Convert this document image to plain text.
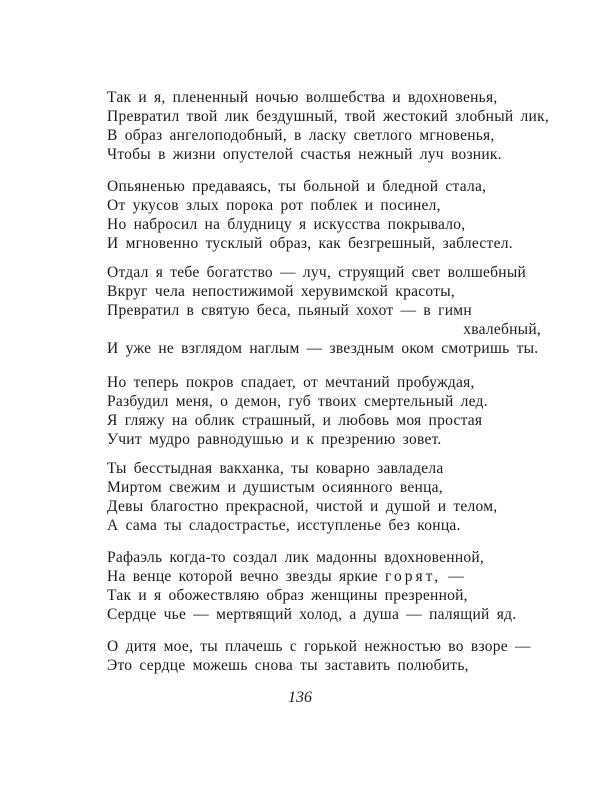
Так и я, плененный ночью волшебства и вдохновенья,
Превратил твой лик бездушный, твой жестокий злобный лик,
В образ ангелоподобный, в ласку светлого мгновенья,
Чтобы в жизни опустелой счастья нежный луч возник.
Опьяненью предаваясь, ты больной и бледной стала,
От укусов злых порока рот поблек и посинел,
Но набросил на блудницу я искусства покрывало,
И мгновенно тусклый образ, как безгрешный, заблестел.
Отдал я тебе богатство — луч, струящий свет волшебный
Вкруг чела непостижимой херувимской красоты,
Превратил в святую беса, пьяный хохот — в гимн
хвалебный,
И уже не взглядом наглым — звездным оком смотришь ты.
Но теперь покров спадает, от мечтаний пробуждая,
Разбудил меня, о демон, губ твоих смертельный лед.
Я гляжу на облик страшный, и любовь моя простая
Учит мудро равнодушью и к презрению зовет.
Ты бесстыдная вакханка, ты коварно завладела
Миртом свежим и душистым осиянного венца,
Девы благостно прекрасной, чистой и душой и телом,
А сама ты сладострастье, исступленье без конца.
Рафаэль когда-то создал лик мадонны вдохновенной,
На венце которой вечно звезды яркие горят, —
Так и я обожествляю образ женщины презренной,
Сердце чье — мертвящий холод, а душа — палящий яд.
О дитя мое, ты плачешь с горькой нежностью во взоре —
Это сердце можешь снова ты заставить полюбить,
136
